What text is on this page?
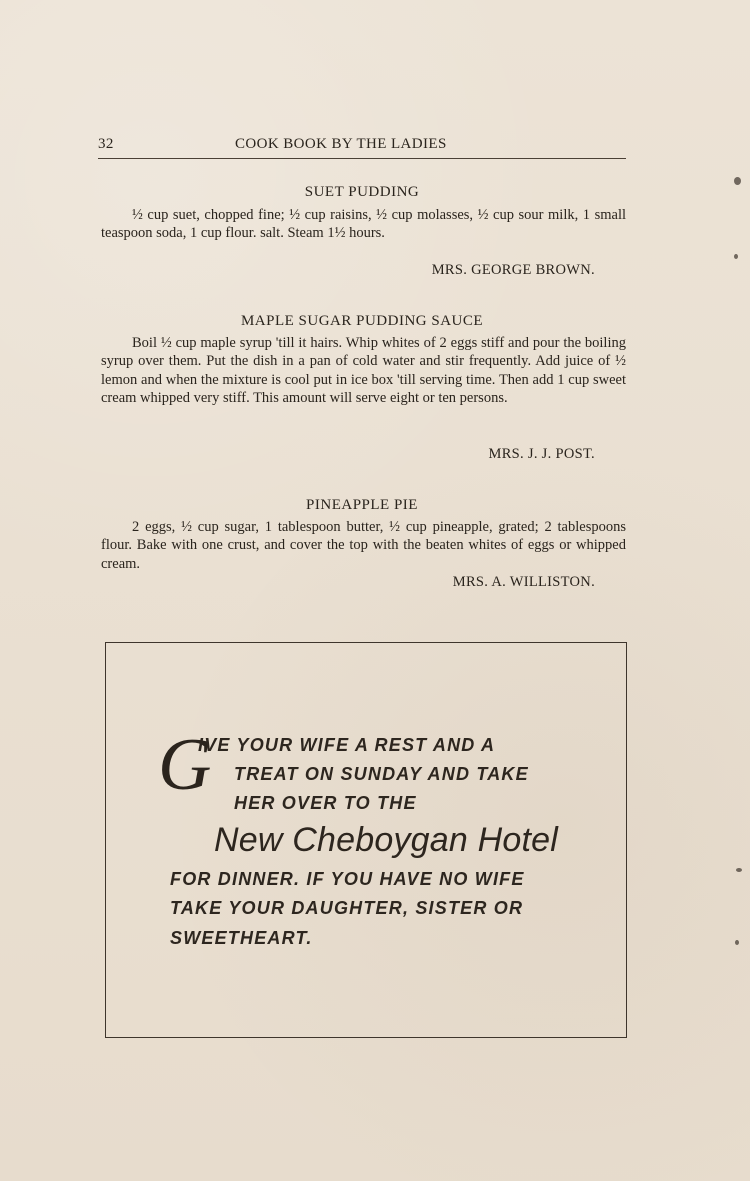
32	COOK BOOK BY THE LADIES
SUET PUDDING

½ cup suet, chopped fine; ½ cup raisins, ½ cup molasses, ½ cup sour milk, 1 small teaspoon soda, 1 cup flour. salt. Steam 1½ hours.

MRS. GEORGE BROWN.
MAPLE SUGAR PUDDING SAUCE

Boil ½ cup maple syrup 'till it hairs. Whip whites of 2 eggs stiff and pour the boiling syrup over them. Put the dish in a pan of cold water and stir frequently. Add juice of ½ lemon and when the mixture is cool put in ice box 'till serving time. Then add 1 cup sweet cream whipped very stiff. This amount will serve eight or ten persons.

MRS. J. J. POST.
PINEAPPLE PIE

2 eggs, ½ cup sugar, 1 tablespoon butter, ½ cup pineapple, grated; 2 tablespoons flour. Bake with one crust, and cover the top with the beaten whites of eggs or whipped cream.

MRS. A. WILLISTON.
G
IVE YOUR WIFE A REST AND A
TREAT ON SUNDAY AND TAKE
HER OVER TO THE
New Cheboygan Hotel
FOR DINNER. IF YOU HAVE NO WIFE
TAKE YOUR DAUGHTER, SISTER OR
SWEETHEART.
